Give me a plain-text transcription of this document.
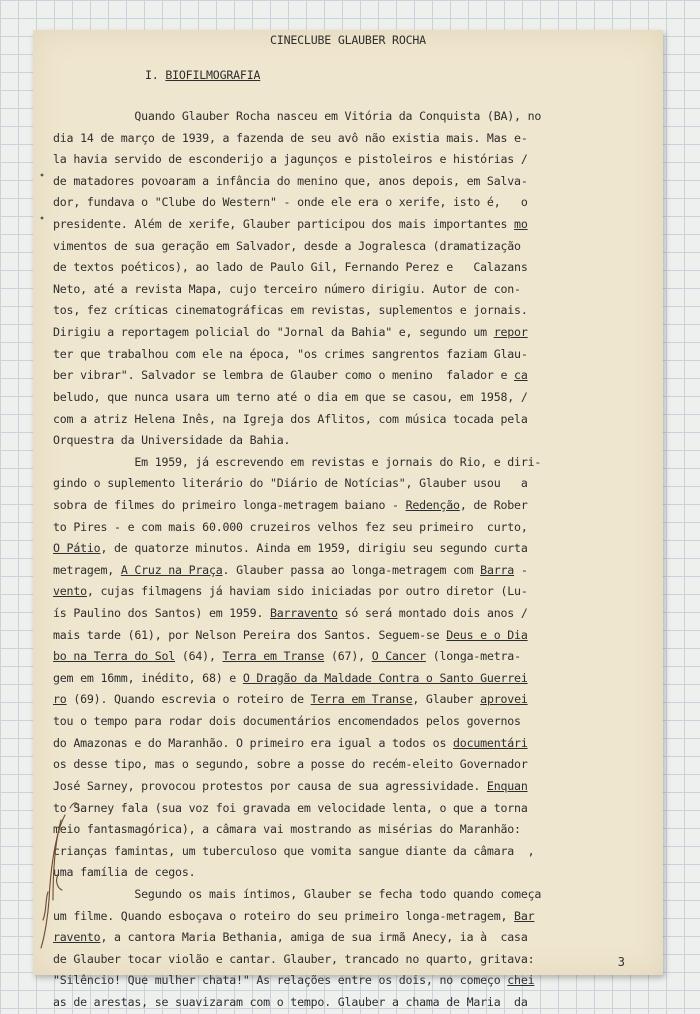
CINECLUBE GLAUBER ROCHA
I. BIOFILMOGRAFIA
Quando Glauber Rocha nasceu em Vitória da Conquista (BA), no
dia 14 de março de 1939, a fazenda de seu avô não existia mais. Mas e-
la havia servido de esconderijo a jagunços e pistoleiros e histórias /
de matadores povoaram a infância do menino que, anos depois, em Salva-
dor, fundava o "Clube do Western" - onde ele era o xerife, isto é,   o
presidente. Além de xerife, Glauber participou dos mais importantes mo
vimentos de sua geração em Salvador, desde a Jogralesca (dramatização
de textos poéticos), ao lado de Paulo Gil, Fernando Perez e   Calazans
Neto, até a revista Mapa, cujo terceiro número dirigiu. Autor de con-
tos, fez críticas cinematográficas em revistas, suplementos e jornais.
Dirigiu a reportagem policial do "Jornal da Bahia" e, segundo um repor
ter que trabalhou com ele na época, "os crimes sangrentos faziam Glau-
ber vibrar". Salvador se lembra de Glauber como o menino  falador e ca
beludo, que nunca usara um terno até o dia em que se casou, em 1958, /
com a atriz Helena Inês, na Igreja dos Aflitos, com música tocada pela
Orquestra da Universidade da Bahia.
Em 1959, já escrevendo em revistas e jornais do Rio, e diri-
gindo o suplemento literário do "Diário de Notícias", Glauber usou   a
sobra de filmes do primeiro longa-metragem baiano - Redenção, de Rober
to Pires - e com mais 60.000 cruzeiros velhos fez seu primeiro  curto,
O Pátio, de quatorze minutos. Ainda em 1959, dirigiu seu segundo curta
metragem, A Cruz na Praça. Glauber passa ao longa-metragem com Barra -
vento, cujas filmagens já haviam sido iniciadas por outro diretor (Lu-
ís Paulino dos Santos) em 1959. Barravento só será montado dois anos /
mais tarde (61), por Nelson Pereira dos Santos. Seguem-se Deus e o Dia
bo na Terra do Sol (64), Terra em Transe (67), O Cancer (longa-metra-
gem em 16mm, inédito, 68) e O Dragão da Maldade Contra o Santo Guerrei
ro (69). Quando escrevia o roteiro de Terra em Transe, Glauber aprovei
tou o tempo para rodar dois documentários encomendados pelos governos
do Amazonas e do Maranhão. O primeiro era igual a todos os documentári
os desse tipo, mas o segundo, sobre a posse do recém-eleito Governador
José Sarney, provocou protestos por causa de sua agressividade. Enquan
to Sarney fala (sua voz foi gravada em velocidade lenta, o que a torna
meio fantasmagórica), a câmara vai mostrando as misérias do Maranhão:
crianças famintas, um tuberculoso que vomita sangue diante da câmara  ,
uma família de cegos.
Segundo os mais íntimos, Glauber se fecha todo quando começa
um filme. Quando esboçava o roteiro do seu primeiro longa-metragem, Bar
ravento, a cantora Maria Bethania, amiga de sua irmã Anecy, ia à  casa
de Glauber tocar violão e cantar. Glauber, trancado no quarto, gritava:
"Silêncio! Que mulher chata!" As relações entre os dois, no começo chei
as de arestas, se suavizaram com o tempo. Glauber a chama de Maria  da
3
